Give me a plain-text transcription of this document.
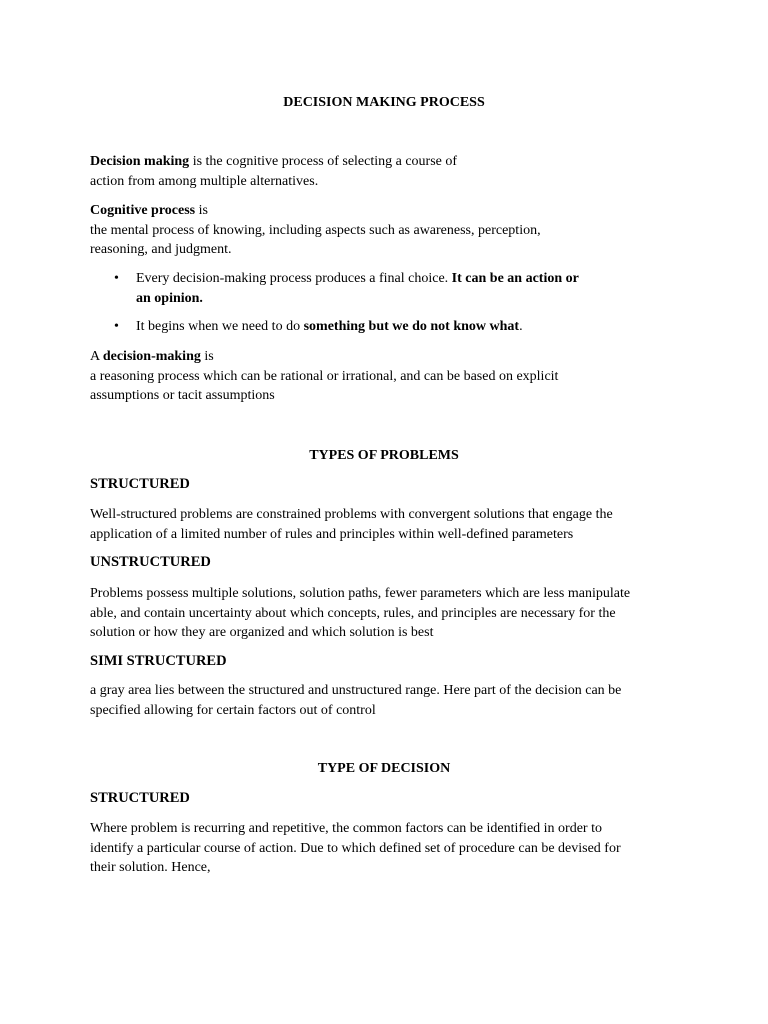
DECISION MAKING PROCESS
Decision making is the cognitive process of selecting a course of
action from among multiple alternatives.
Cognitive process is
the mental process of knowing, including aspects such as awareness, perception,
reasoning, and judgment.
• Every decision-making process produces a final choice. It can be an action or
an opinion.
• It begins when we need to do something but we do not know what.
A decision-making is
a reasoning process which can be rational or irrational, and can be based on explicit
assumptions or tacit assumptions
TYPES OF PROBLEMS
STRUCTURED
Well-structured problems are constrained problems with convergent solutions that engage the
application of a limited number of rules and principles within well-defined parameters
UNSTRUCTURED
Problems possess multiple solutions, solution paths, fewer parameters which are less manipulate
able, and contain uncertainty about which concepts, rules, and principles are necessary for the
solution or how they are organized and which solution is best
SIMI STRUCTURED
a gray area lies between the structured and unstructured range. Here part of the decision can be
specified allowing for certain factors out of control
TYPE OF DECISION
STRUCTURED
Where problem is recurring and repetitive, the common factors can be identified in order to
identify a particular course of action. Due to which defined set of procedure can be devised for
their solution. Hence,
